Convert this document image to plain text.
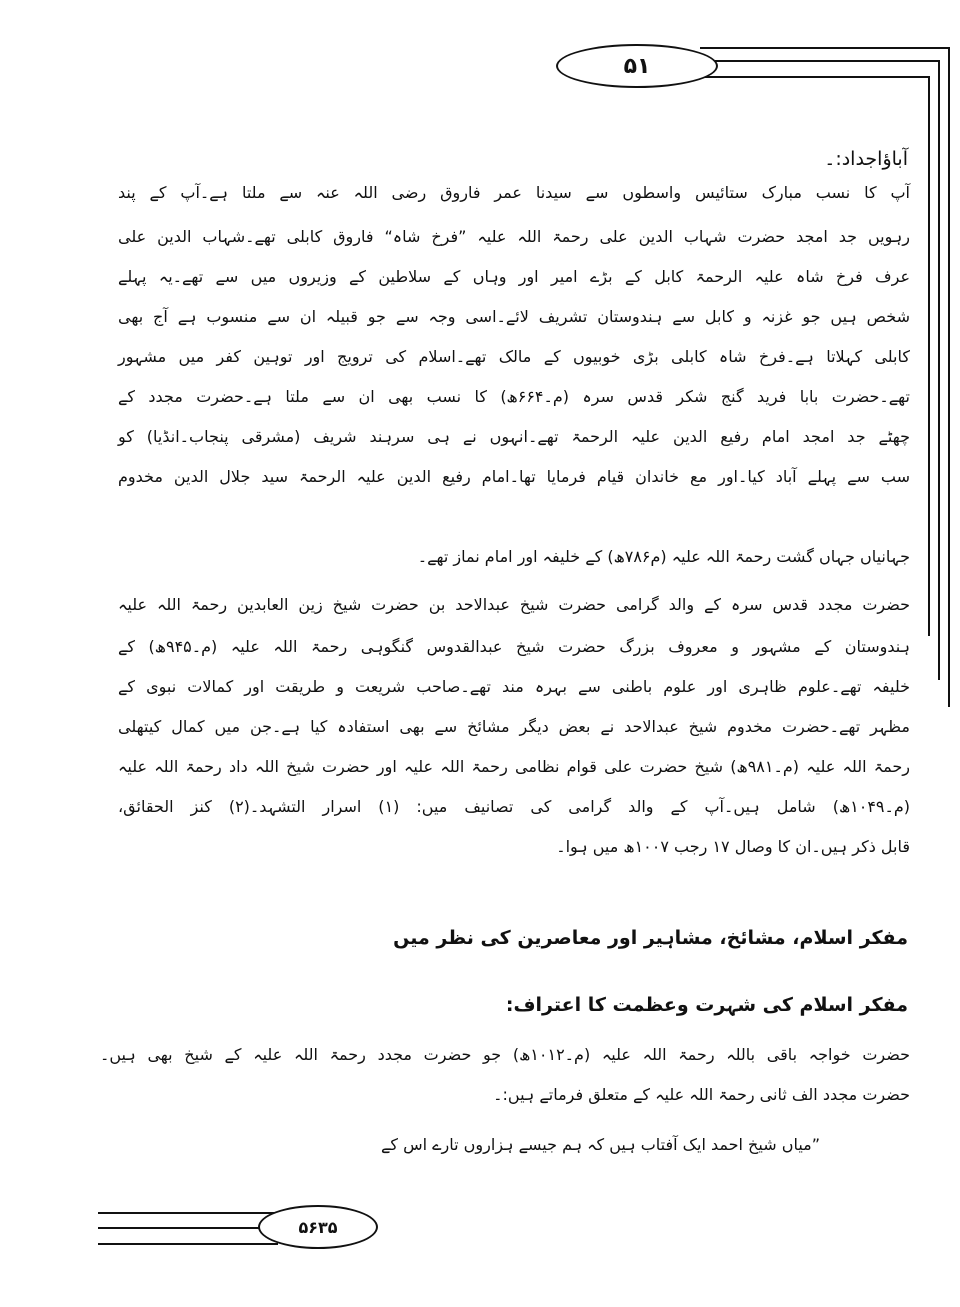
۵۱
آباؤاجداد:۔
آپ کا نسب مبارک ستائیس واسطوں سے سیدنا عمر فاروق رضی اللہ عنہ سے ملتا ہے۔آپ کے پند
رہویں جد امجد حضرت شہاب الدین علی رحمۃ اللہ علیہ ”فرخ شاہ“ فاروق کابلی تھے۔شہاب الدین علی
عرف فرخ شاہ علیہ الرحمۃ کابل کے بڑے امیر اور وہاں کے سلاطین کے وزیروں میں سے تھے۔یہ پہلے
شخص ہیں جو غزنہ و کابل سے ہندوستان تشریف لائے۔اسی وجہ سے جو قبیلہ ان سے منسوب ہے آج بھی
کابلی کہلاتا ہے۔فرخ شاہ کابلی بڑی خوبیوں کے مالک تھے۔اسلام کی ترویج اور توہین کفر میں مشہور
تھے۔حضرت بابا فرید گنج شکر قدس سرہ (م۔۶۶۴ھ) کا نسب بھی ان سے ملتا ہے۔حضرت مجدد کے
چھٹے جد امجد امام رفیع الدین علیہ الرحمۃ تھے۔انہوں نے ہی سرہند شریف (مشرقی پنجاب۔انڈیا) کو
سب سے پہلے آباد کیا۔اور مع خاندان قیام فرمایا تھا۔امام رفیع الدین علیہ الرحمۃ سید جلال الدین مخدوم
جہانیاں جہاں گشت رحمۃ اللہ علیہ (م۷۸۶ھ) کے خلیفہ اور امام نماز تھے۔
حضرت مجدد قدس سرہ کے والد گرامی حضرت شیخ عبدالاحد بن حضرت شیخ زین العابدین رحمۃ اللہ علیہ
ہندوستان کے مشہور و معروف بزرگ حضرت شیخ عبدالقدوس گنگوہی رحمۃ اللہ علیہ (م۔۹۴۵ھ) کے
خلیفہ تھے۔علوم ظاہری اور علوم باطنی سے بہرہ مند تھے۔صاحب شریعت و طریقت اور کمالات نبوی کے
مظہر تھے۔حضرت مخدوم شیخ عبدالاحد نے بعض دیگر مشائخ سے بھی استفادہ کیا ہے۔جن میں کمال کیتھلی
رحمۃ اللہ علیہ (م۔۹۸۱ھ) شیخ حضرت علی قوام نظامی رحمۃ اللہ علیہ اور حضرت شیخ اللہ داد رحمۃ اللہ علیہ
(م۔۱۰۴۹ھ) شامل ہیں۔آپ کے والد گرامی کی تصانیف میں: (۱) اسرار التشہد۔(۲) کنز الحقائق،
قابل ذکر ہیں۔ان کا وصال ۱۷ رجب ۱۰۰۷ھ میں ہوا۔
مفکر اسلام، مشائخ، مشاہیر اور معاصرین کی نظر میں
مفکر اسلام کی شہرت وعظمت کا اعتراف:
حضرت خواجہ باقی باللہ رحمۃ اللہ علیہ (م۔۱۰۱۲ھ) جو حضرت مجدد رحمۃ اللہ علیہ کے شیخ بھی ہیں۔
حضرت مجدد الف ثانی رحمۃ اللہ علیہ کے متعلق فرماتے ہیں:۔
”میاں شیخ احمد ایک آفتاب ہیں کہ ہم جیسے ہزاروں تارے اس کے
۵۶۳۵
